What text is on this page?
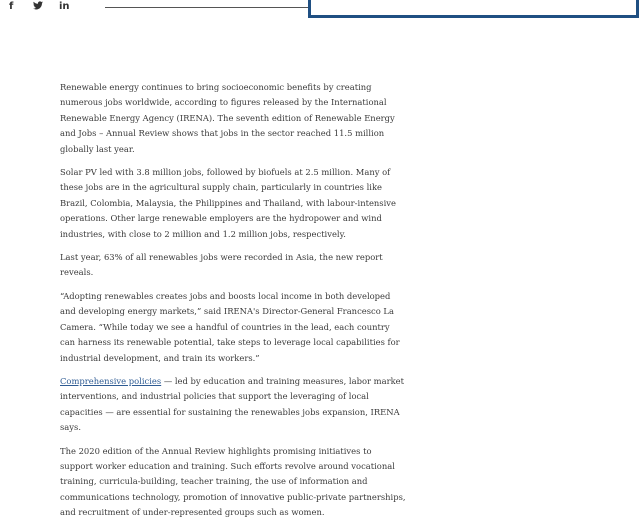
f	in

Renewable energy continues to bring socioeconomic benefits by creating numerous jobs worldwide, according to figures released by the International Renewable Energy Agency (IRENA). The seventh edition of Renewable Energy and Jobs – Annual Review shows that jobs in the sector reached 11.5 million globally last year.

Solar PV led with 3.8 million jobs, followed by biofuels at 2.5 million. Many of these jobs are in the agricultural supply chain, particularly in countries like Brazil, Colombia, Malaysia, the Philippines and Thailand, with labour-intensive operations. Other large renewable employers are the hydropower and wind industries, with close to 2 million and 1.2 million jobs, respectively.

Last year, 63% of all renewables jobs were recorded in Asia, the new report reveals.

“Adopting renewables creates jobs and boosts local income in both developed and developing energy markets,” said IRENA's Director-General Francesco La Camera. “While today we see a handful of countries in the lead, each country can harness its renewable potential, take steps to leverage local capabilities for industrial development, and train its workers.”

Comprehensive policies — led by education and training measures, labor market interventions, and industrial policies that support the leveraging of local capacities — are essential for sustaining the renewables jobs expansion, IRENA says.

The 2020 edition of the Annual Review highlights promising initiatives to support worker education and training. Such efforts revolve around vocational training, curricula-building, teacher training, the use of information and communications technology, promotion of innovative public-private partnerships, and recruitment of under-represented groups such as women.
